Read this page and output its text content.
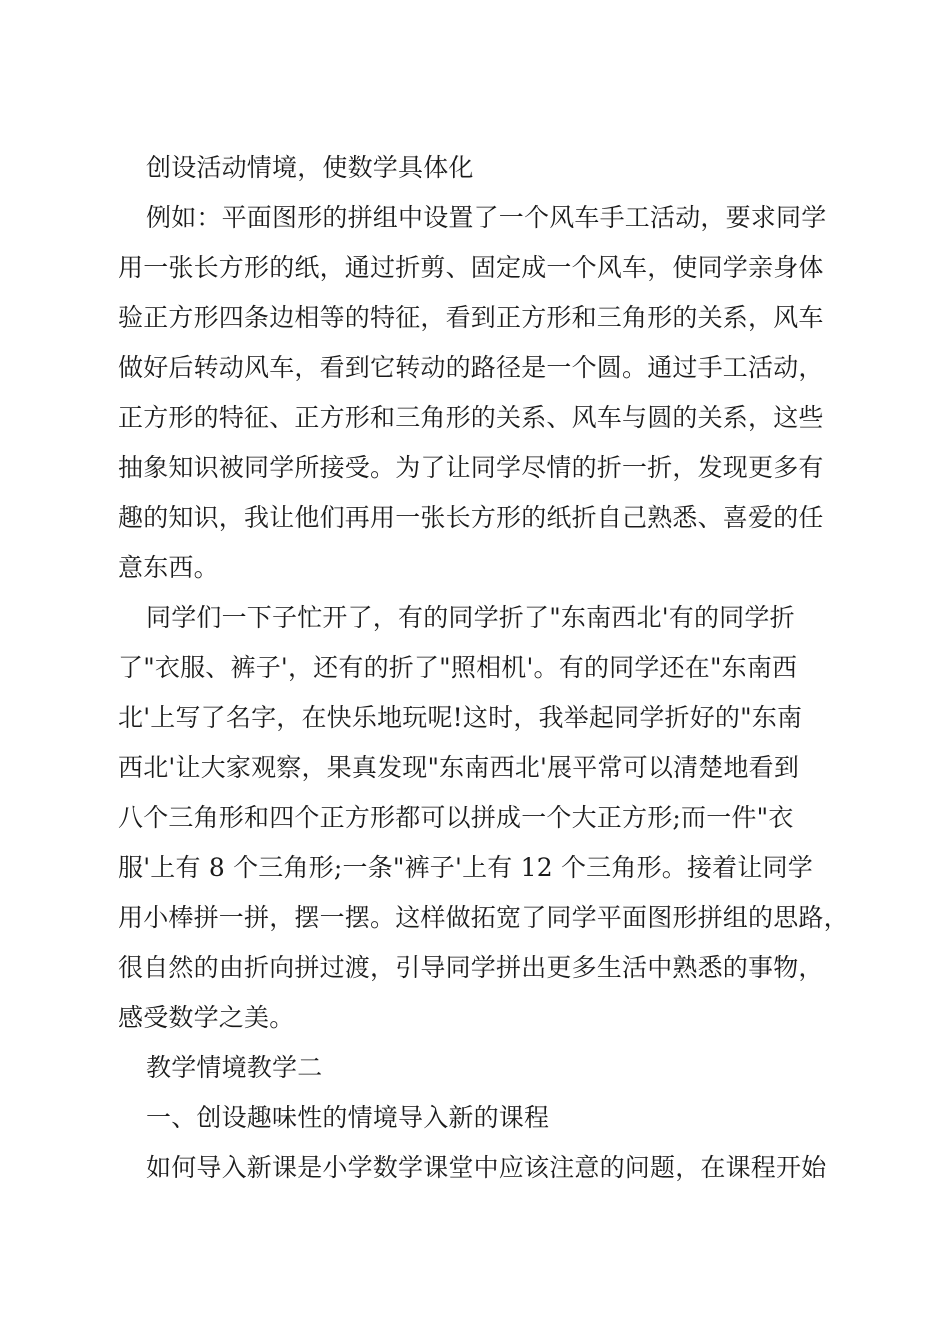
创设活动情境，使数学具体化
例如：平面图形的拼组中设置了一个风车手工活动，要求同学
用一张长方形的纸，通过折剪、固定成一个风车，使同学亲身体
验正方形四条边相等的特征，看到正方形和三角形的关系，风车
做好后转动风车，看到它转动的路径是一个圆。通过手工活动，
正方形的特征、正方形和三角形的关系、风车与圆的关系，这些
抽象知识被同学所接受。为了让同学尽情的折一折，发现更多有
趣的知识，我让他们再用一张长方形的纸折自己熟悉、喜爱的任
意东西。
同学们一下子忙开了，有的同学折了"东南西北'有的同学折
了"衣服、裤子'，还有的折了"照相机'。有的同学还在"东南西
北'上写了名字，在快乐地玩呢!这时，我举起同学折好的"东南
西北'让大家观察，果真发现"东南西北'展平常可以清楚地看到
八个三角形和四个正方形都可以拼成一个大正方形;而一件"衣
服'上有 8 个三角形;一条"裤子'上有 12 个三角形。接着让同学
用小棒拼一拼，摆一摆。这样做拓宽了同学平面图形拼组的思路，
很自然的由折向拼过渡，引导同学拼出更多生活中熟悉的事物，
感受数学之美。
教学情境教学二
一、创设趣味性的情境导入新的课程
如何导入新课是小学数学课堂中应该注意的问题，在课程开始
